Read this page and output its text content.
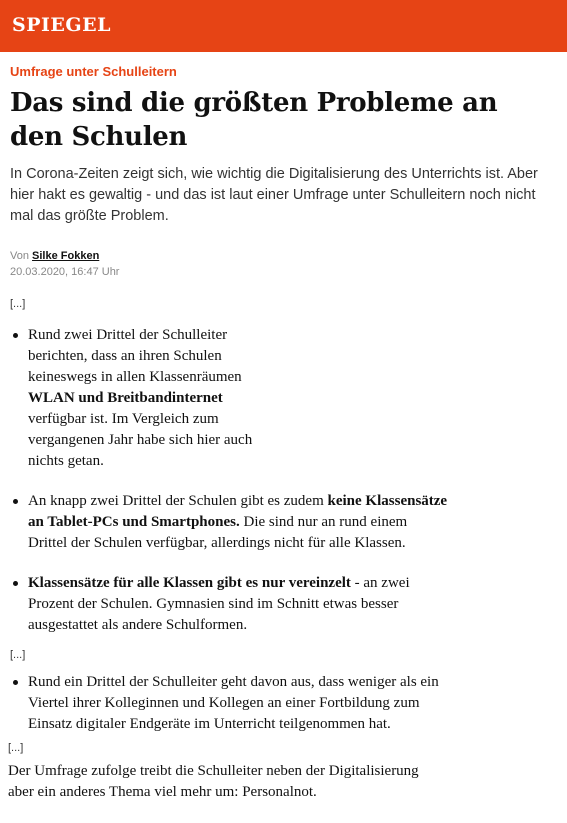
SPIEGEL
Umfrage unter Schulleitern
Das sind die größten Probleme an den Schulen

In Corona-Zeiten zeigt sich, wie wichtig die Digitalisierung des Unterrichts ist. Aber hier hakt es gewaltig - und das ist laut einer Umfrage unter Schulleitern noch nicht mal das größte Problem.

Von Silke Fokken
20.03.2020, 16:47 Uhr
[...]
Rund zwei Drittel der Schulleiter berichten, dass an ihren Schulen keineswegs in allen Klassenräumen WLAN und Breitbandinternet verfügbar ist. Im Vergleich zum vergangenen Jahr habe sich hier auch nichts getan.
An knapp zwei Drittel der Schulen gibt es zudem keine Klassensätze an Tablet-PCs und Smartphones. Die sind nur an rund einem Drittel der Schulen verfügbar, allerdings nicht für alle Klassen.
Klassensätze für alle Klassen gibt es nur vereinzelt - an zwei Prozent der Schulen. Gymnasien sind im Schnitt etwas besser ausgestattet als andere Schulformen.
[...]
Rund ein Drittel der Schulleiter geht davon aus, dass weniger als ein Viertel ihrer Kolleginnen und Kollegen an einer Fortbildung zum Einsatz digitaler Endgeräte im Unterricht teilgenommen hat.
[...]

Der Umfrage zufolge treibt die Schulleiter neben der Digitalisierung aber ein anderes Thema viel mehr um: Personalnot.
